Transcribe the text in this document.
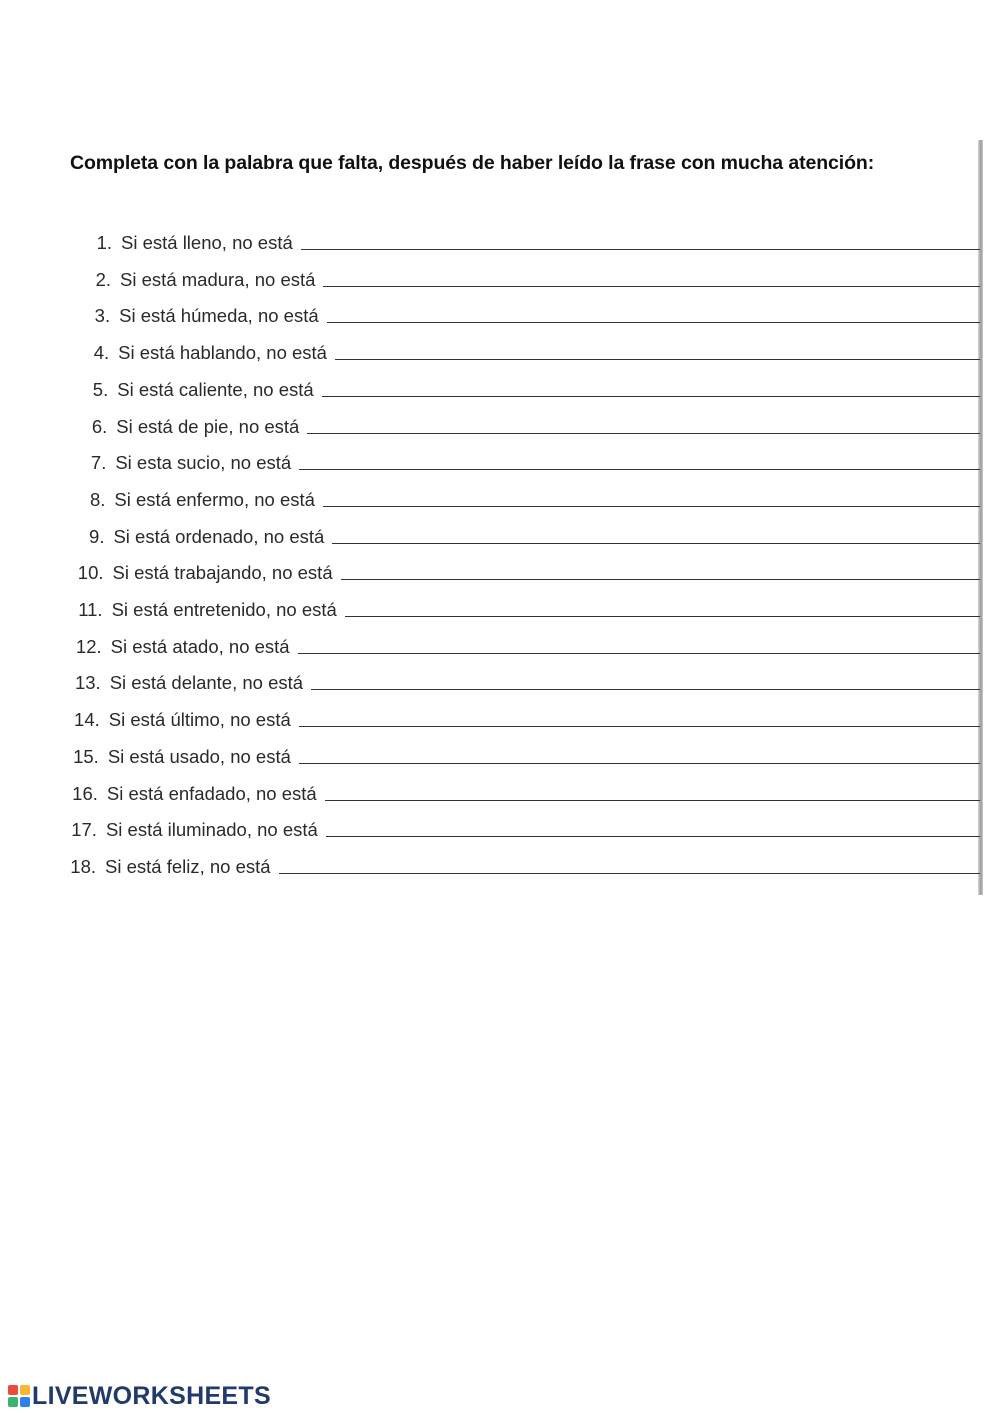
Completa con la palabra que falta, después de haber leído la frase con mucha atención:

1. Si está lleno, no está
2. Si está madura, no está
3. Si está húmeda, no está
4. Si está hablando, no está
5. Si está caliente, no está
6. Si está de pie, no está
7. Si esta sucio, no está
8. Si está enfermo, no está
9. Si está ordenado, no está
10. Si está trabajando, no está
11. Si está entretenido, no está
12. Si está atado, no está
13. Si está delante, no está
14. Si está último, no está
15. Si está usado, no está
16. Si está enfadado, no está
17. Si está iluminado, no está
18. Si está feliz, no está
LIVEWORKSHEETS
